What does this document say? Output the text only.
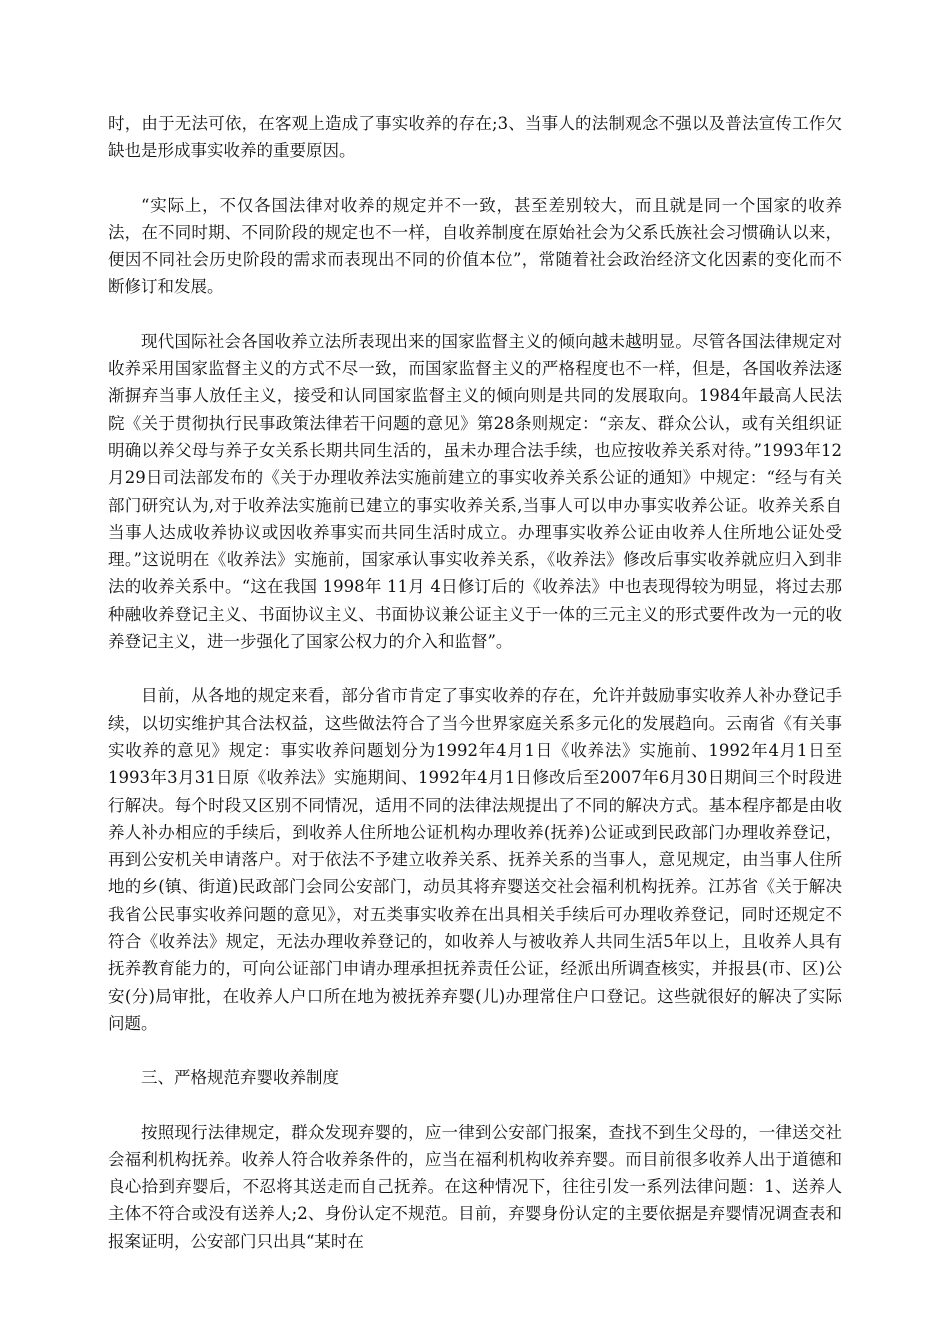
时，由于无法可依，在客观上造成了事实收养的存在;3、当事人的法制观念不强以及普法宣传工作欠缺也是形成事实收养的重要原因。

“实际上，不仅各国法律对收养的规定并不一致，甚至差别较大，而且就是同一个国家的收养法，在不同时期、不同阶段的规定也不一样，自收养制度在原始社会为父系氏族社会习惯确认以来，便因不同社会历史阶段的需求而表现出不同的价值本位”，常随着社会政治经济文化因素的变化而不断修订和发展。

现代国际社会各国收养立法所表现出来的国家监督主义的倾向越未越明显。尽管各国法律规定对收养采用国家监督主义的方式不尽一致，而国家监督主义的严格程度也不一样，但是，各国收养法逐渐摒弃当事人放任主义，接受和认同国家监督主义的倾向则是共同的发展取向。1984年最高人民法院《关于贯彻执行民事政策法律若干问题的意见》第28条则规定：“亲友、群众公认，或有关组织证明确以养父母与养子女关系长期共同生活的，虽未办理合法手续，也应按收养关系对待。”1993年12月29日司法部发布的《关于办理收养法实施前建立的事实收养关系公证的通知》中规定：“经与有关部门研究认为,对于收养法实施前已建立的事实收养关系,当事人可以申办事实收养公证。收养关系自当事人达成收养协议或因收养事实而共同生活时成立。办理事实收养公证由收养人住所地公证处受理。”这说明在《收养法》实施前，国家承认事实收养关系，《收养法》修改后事实收养就应归入到非法的收养关系中。“这在我国 1998年 11月 4日修订后的《收养法》中也表现得较为明显，将过去那种融收养登记主义、书面协议主义、书面协议兼公证主义于一体的三元主义的形式要件改为一元的收养登记主义，进一步强化了国家公权力的介入和监督”。

目前，从各地的规定来看，部分省市肯定了事实收养的存在，允许并鼓励事实收养人补办登记手续，以切实维护其合法权益，这些做法符合了当今世界家庭关系多元化的发展趋向。云南省《有关事实收养的意见》规定：事实收养问题划分为1992年4月1日《收养法》实施前、1992年4月1日至1993年3月31日原《收养法》实施期间、1992年4月1日修改后至2007年6月30日期间三个时段进行解决。每个时段又区别不同情况，适用不同的法律法规提出了不同的解决方式。基本程序都是由收养人补办相应的手续后，到收养人住所地公证机构办理收养(抚养)公证或到民政部门办理收养登记，再到公安机关申请落户。对于依法不予建立收养关系、抚养关系的当事人，意见规定，由当事人住所地的乡(镇、街道)民政部门会同公安部门，动员其将弃婴送交社会福利机构抚养。江苏省《关于解决我省公民事实收养问题的意见》，对五类事实收养在出具相关手续后可办理收养登记，同时还规定不符合《收养法》规定，无法办理收养登记的，如收养人与被收养人共同生活5年以上，且收养人具有抚养教育能力的，可向公证部门申请办理承担抚养责任公证，经派出所调查核实，并报县(市、区)公安(分)局审批，在收养人户口所在地为被抚养弃婴(儿)办理常住户口登记。这些就很好的解决了实际问题。

三、严格规范弃婴收养制度

按照现行法律规定，群众发现弃婴的，应一律到公安部门报案，查找不到生父母的，一律送交社会福利机构抚养。收养人符合收养条件的，应当在福利机构收养弃婴。而目前很多收养人出于道德和良心拾到弃婴后，不忍将其送走而自己抚养。在这种情况下，往往引发一系列法律问题：1、送养人主体不符合或没有送养人;2、身份认定不规范。目前，弃婴身份认定的主要依据是弃婴情况调查表和报案证明，公安部门只出具“某时在
